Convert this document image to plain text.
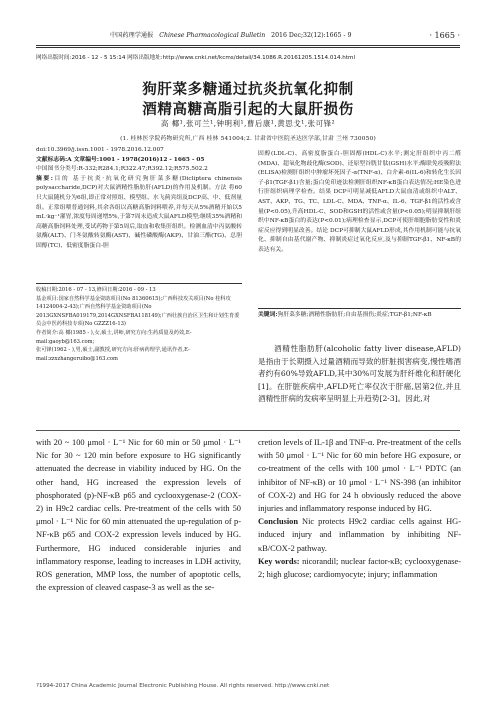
中国药理学通报 Chinese Pharmacological Bulletin 2016 Dec;32(12):1665 - 9	· 1665 ·
网络出版时间:2016 - 12 - 5 15:14 网络出版地址:http://www.cnki.net/kcms/detail/34.1086.R.20161205.1514.014.html
狗肝菜多糖通过抗炎抗氧化抑制
酒精高糖高脂引起的大鼠肝损伤
高 椰¹,张可兰¹,钟明利¹,曹后康¹,黄思戈¹,张可锋²
(1. 桂林医学院药物研究所,广西 桂林 541004;2. 甘肃省中医院圣达医学部,甘肃 兰州 730050)

doi:10.3969/j.issn.1001 - 1978.2016.12.007

文献标志码:A 文章编号:1001 - 1978(2016)12 - 1665 - 05

中国图书分类号:R-332;R284.1;R322.47;R392.12;R575.502.2

摘要:目的 基于抗炎·抗氧化研究狗肝菜多糖(Dicliptera chinensis polysaccharide,DCP)对大鼠酒精性脂肪肝(AFLD)的作用及机制。方法 将60只大鼠随机分为6组,即正常对照组、模型组、水飞蓟宾组及DCP高、中、低剂量组。正常组喂普通饲料,其余各组以高糖高脂饲料喂养,并每天从5%酒精开始以5 mL·kg⁻¹灌胃,浓度每周递增5%,于第7周末造成大鼠AFLD模型;继续35%酒精和高糖高脂饲料处理,受试药物于第5周后,取血和收集肝组织。检测血清中丙氨酸转氨酶(ALT)、门冬氨酸转氨酶(AST)、碱性磷酸酶(AKP)、甘油三酯(TG)、总胆固醇(TC)、低密度脂蛋白-胆

收稿日期:2016 - 07 - 13,修回日期:2016 - 09 - 13

基金项目:国家自然科学基金资助项目(No 81360615);广西科技攻关项目(No 桂科攻14124004-2-43);广西自然科学基金资助项目(No 2013GXNSFBA019179,2014GXNSFBA118149);广西壮族自治区卫生和计划生育委员会中医药科技专项(No GZZZ16-13)

作者简介:高 椰(1985 - ),女,硕士,讲师,研究方向:生药质量及药效,E-mail:gaoyb@163.com;

张可锋(1962 - ),男,硕士,副教授,研究方向:肝病药理学,通讯作者,E-mail:zzxzhangeruibo@163.com

固醇(LDL-C)、高密度脂蛋白-胆固醇(HDL-C)水平;测定肝组织中丙二醛(MDA)、超氧化物歧化酶(SOD)、还原型谷胱甘肽(GSH)水平;酶联免疫吸附法(ELISA)检测肝组织中肿瘤坏死因子-α(TNF-α)、白介素-6(IL-6)和转化生长因子-β1(TGF-β1)含量;蛋白免印迹法检测肝组织NF-κB蛋白表达情况;HE染色进行肝组织病理学检查。结果 DCP可明显减低AFLD大鼠血清或组织中ALT、AST、AKP、TG、TC、LDL-C、MDA、TNF-α、IL-6、TGF-β1的活性或含量(P<0.05),升高HDL-C、SOD和GSH的活性或含量(P<0.05);明显抑制肝组织中NF-κB蛋白的表达(P<0.01);病理检查显示,DCP可使肝细胞脂肪变性和炎症反应得到明显改善。结论 DCP可抑制大鼠AFLD形成,其作用机制可能与抗氧化、抑制自由基代谢产物、抑制炎症过氧化反应,及与抑制TGF-β1、NF-κB的表达有关。

关键词:狗肝菜多糖;酒精性脂肪肝;自由基损伤;炎症;TGF-β1;NF-κB

酒精性脂肪肝(alcoholic fatty liver disease,AFLD)是指由于长期摄入过量酒精而导致的肝脏损害病变,慢性嗜酒者约有60%导致AFLD,其中30%可发展为肝纤维化和肝硬化[1]。在肝脏疾病中,AFLD死亡率仅次于肝癌,居第2位,并且酒精性肝病的发病率呈明显上升趋势[2-3]。因此,对

with 20 ~ 100 μmol · L⁻¹ Nic for 60 min or 50 μmol · L⁻¹ Nic for 30 ~ 120 min before exposure to HG significantly attenuated the decrease in viability induced by HG. On the other hand, HG increased the expression levels of phosphorated (p)-NF-κB p65 and cyclooxygenase-2 (COX-2) in H9c2 cardiac cells. Pre-treatment of the cells with 50 μmol · L⁻¹ Nic for 60 min attenuated the up-regulation of p-NF-κB p65 and COX-2 expression levels induced by HG. Furthermore, HG induced considerable injuries and inflammatory response, leading to increases in LDH activity, ROS generation, MMP loss, the number of apoptotic cells, the expression of cleaved caspase-3 as well as the se-

cretion levels of IL-1β and TNF-α. Pre-treatment of the cells with 50 μmol · L⁻¹ Nic for 60 min before HG exposure, or co-treatment of the cells with 100 μmol · L⁻¹ PDTC (an inhibitor of NF-κB) or 10 μmol · L⁻¹ NS-398 (an inhibitor of COX-2) and HG for 24 h obviously reduced the above injuries and inflammatory response induced by HG.

Conclusion Nic protects H9c2 cardiac cells against HG-induced injury and inflammation by inhibiting NF-κB/COX-2 pathway.

Key words: nicorandil; nuclear factor-κB; cyclooxygenase-2; high glucose; cardiomyocyte; injury; inflammation

?1994-2017 China Academic Journal Electronic Publishing House. All rights reserved. http://www.cnki.net
